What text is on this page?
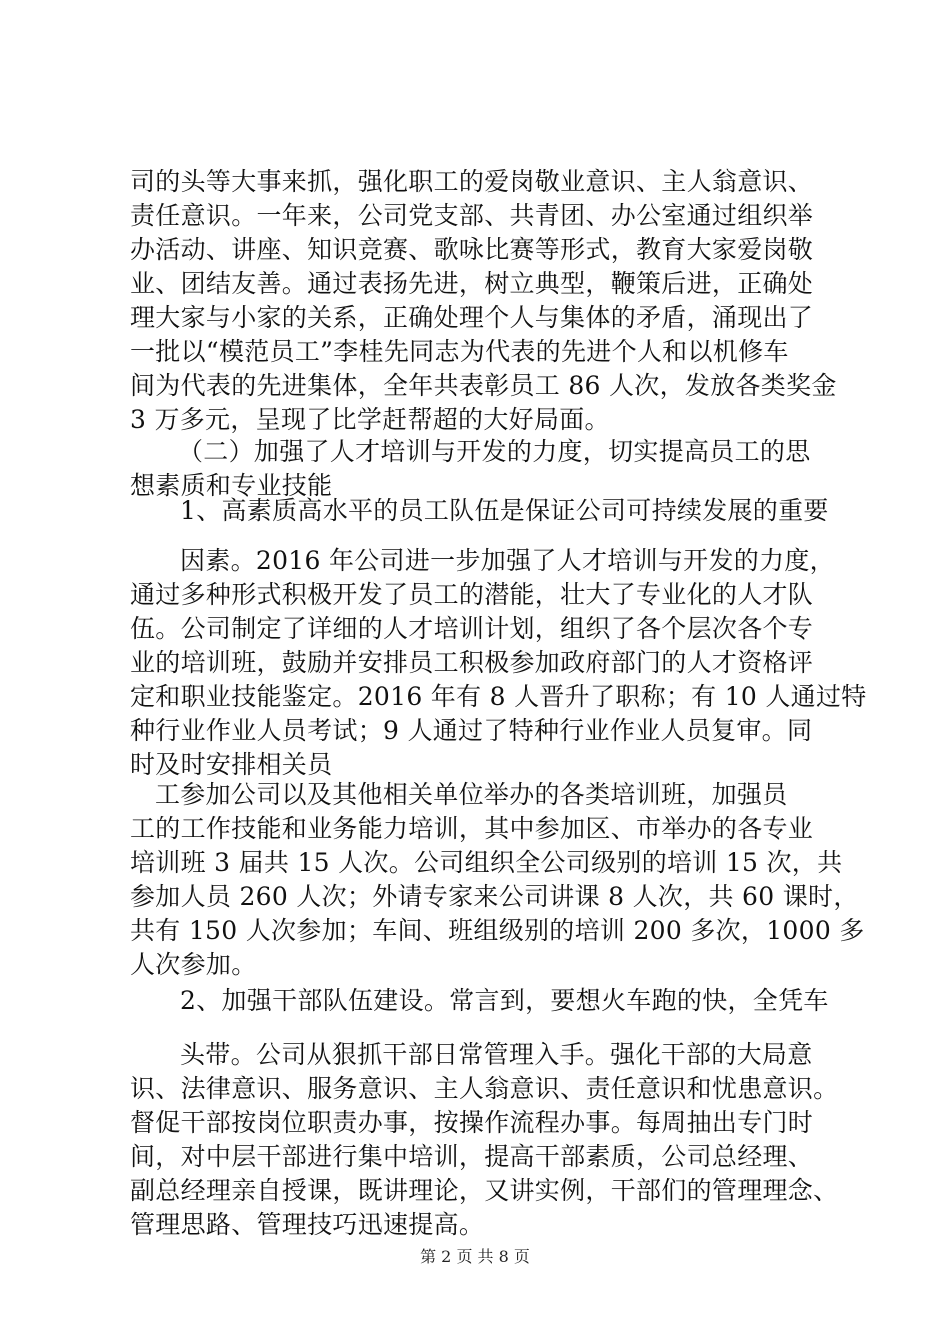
司的头等大事来抓，强化职工的爱岗敬业意识、主人翁意识、
责任意识。一年来，公司党支部、共青团、办公室通过组织举
办活动、讲座、知识竞赛、歌咏比赛等形式，教育大家爱岗敬
业、团结友善。通过表扬先进，树立典型，鞭策后进，正确处
理大家与小家的关系，正确处理个人与集体的矛盾，涌现出了
一批以“模范员工”李桂先同志为代表的先进个人和以机修车
间为代表的先进集体，全年共表彰员工 86 人次，发放各类奖金
3 万多元，呈现了比学赶帮超的大好局面。
（二）加强了人才培训与开发的力度，切实提高员工的思
想素质和专业技能
1、高素质高水平的员工队伍是保证公司可持续发展的重要
因素。2016 年公司进一步加强了人才培训与开发的力度，
通过多种形式积极开发了员工的潜能，壮大了专业化的人才队
伍。公司制定了详细的人才培训计划，组织了各个层次各个专
业的培训班，鼓励并安排员工积极参加政府部门的人才资格评
定和职业技能鉴定。2016 年有 8 人晋升了职称；有 10 人通过特
种行业作业人员考试；9 人通过了特种行业作业人员复审。同
时及时安排相关员
工参加公司以及其他相关单位举办的各类培训班，加强员
工的工作技能和业务能力培训，其中参加区、市举办的各专业
培训班 3 届共 15 人次。公司组织全公司级别的培训 15 次，共
参加人员 260 人次；外请专家来公司讲课 8 人次，共 60 课时，
共有 150 人次参加；车间、班组级别的培训 200 多次，1000 多
人次参加。
2、加强干部队伍建设。常言到，要想火车跑的快，全凭车
头带。公司从狠抓干部日常管理入手。强化干部的大局意
识、法律意识、服务意识、主人翁意识、责任意识和忧患意识。
督促干部按岗位职责办事，按操作流程办事。每周抽出专门时
间，对中层干部进行集中培训，提高干部素质，公司总经理、
副总经理亲自授课，既讲理论，又讲实例，干部们的管理理念、
管理思路、管理技巧迅速提高。
第 2 页 共 8 页
